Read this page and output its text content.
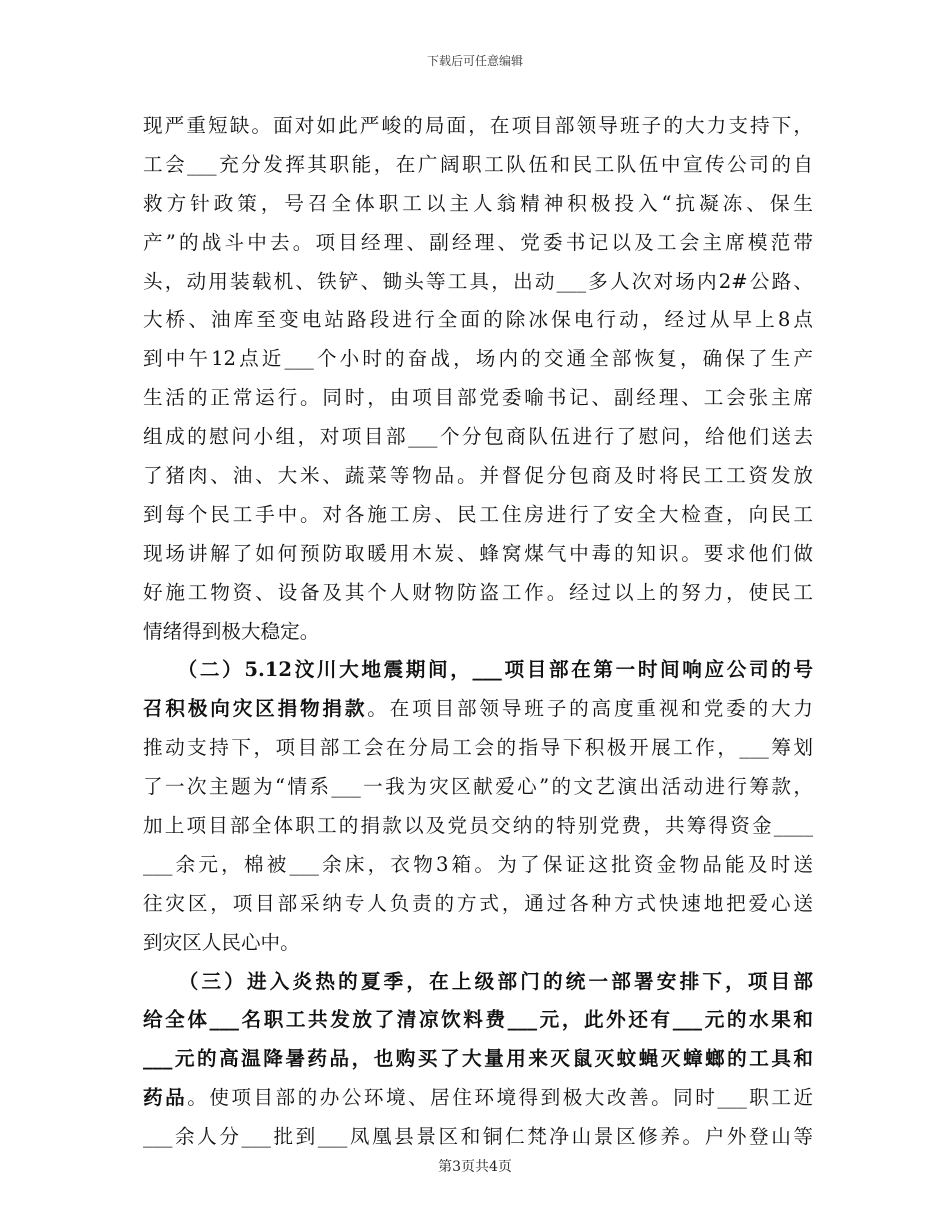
下载后可任意编辑
现严重短缺。面对如此严峻的局面，在项目部领导班子的大力支持下，
工会___充分发挥其职能，在广阔职工队伍和民工队伍中宣传公司的自
救方针政策，号召全体职工以主人翁精神积极投入“抗凝冻、保生
产”的战斗中去。项目经理、副经理、党委书记以及工会主席模范带
头，动用装载机、铁铲、锄头等工具，出动___多人次对场内2#公路、
大桥、油库至变电站路段进行全面的除冰保电行动，经过从早上8点
到中午12点近___个小时的奋战，场内的交通全部恢复，确保了生产
生活的正常运行。同时，由项目部党委喻书记、副经理、工会张主席
组成的慰问小组，对项目部___个分包商队伍进行了慰问，给他们送去
了猪肉、油、大米、蔬菜等物品。并督促分包商及时将民工工资发放
到每个民工手中。对各施工房、民工住房进行了安全大检查，向民工
现场讲解了如何预防取暖用木炭、蜂窝煤气中毒的知识。要求他们做
好施工物资、设备及其个人财物防盗工作。经过以上的努力，使民工
情绪得到极大稳定。
　　（二）5.12汶川大地震期间，___项目部在第一时间响应公司的号
召积极向灾区捐物捐款。在项目部领导班子的高度重视和党委的大力
推动支持下，项目部工会在分局工会的指导下积极开展工作，___筹划
了一次主题为“情系___一我为灾区献爱心”的文艺演出活动进行筹款，
加上项目部全体职工的捐款以及党员交纳的特别党费，共筹得资金____
___余元，棉被___余床，衣物3箱。为了保证这批资金物品能及时送
往灾区，项目部采纳专人负责的方式，通过各种方式快速地把爱心送
到灾区人民心中。
　　（三）进入炎热的夏季，在上级部门的统一部署安排下，项目部
给全体___名职工共发放了清凉饮料费___元，此外还有___元的水果和
___元的高温降暑药品，也购买了大量用来灭鼠灭蚊蝇灭蟑螂的工具和
药品。使项目部的办公环境、居住环境得到极大改善。同时___职工近
___余人分___批到___凤凰县景区和铜仁梵净山景区修养。户外登山等
第3页共4页
